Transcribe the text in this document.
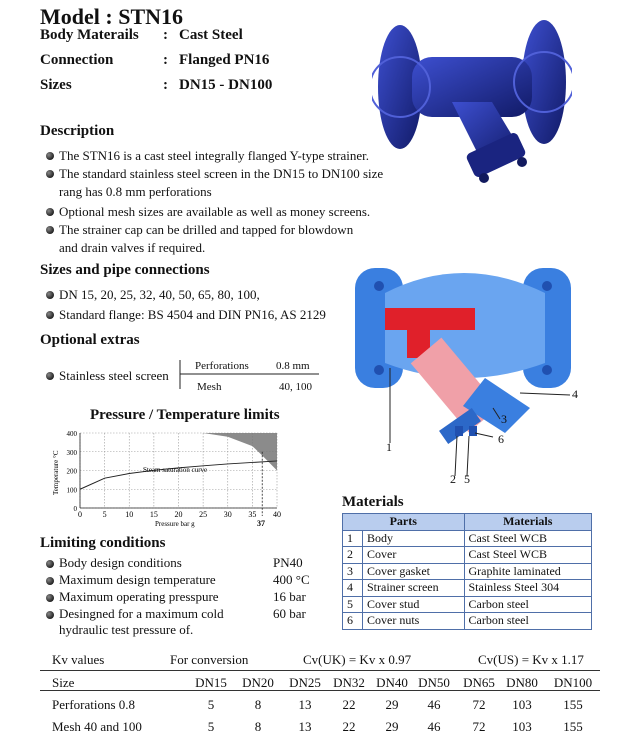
Model : STN16
Body Materails : Cast Steel
Connection	: Flanged PN16
Sizes	: DN15 - DN100
Description
The STN16 is a cast steel integrally flanged Y-type strainer.
The standard stainless steel screen in the DN15 to DN100 size
rang has 0.8 mm perforations
Optional mesh sizes are available as well as money screens.
The strainer cap can be drilled and tapped for blowdown
and drain valves if required.
Sizes and pipe connections
DN 15, 20, 25, 32, 40, 50, 65, 80, 100,
Standard flange: BS 4504 and DIN PN16, AS 2129
Optional extras
Stainless steel screen
Perforations 0.8 mm
Mesh	40, 100
1
2
3
4
5
6
Pressure / Temperature limits
0	5 10 15 20 25 30 35 40
0
100
200
300
400
Temperature °C
Pressure bar g
Steam saturation curve
37
Materials
Parts		Materials
1	Body	Cast Steel WCB
2	Cover	Cast Steel WCB
3	Cover gasket	Graphite laminated
4	Strainer screen	Stainless Steel 304
5	Cover stud	Carbon steel
6	Cover nuts	Carbon steel
Limiting conditions
Body design conditions	PN40
Maximum design temperature	400 °C
Maximum operating presspure	16 bar
Desingned for a maximum cold	60 bar
hydraulic test pressure of.
Kv values	For conversion	Cv(UK) = Kv x 0.97	Cv(US) = Kv x 1.17
Size	DN15 DN20 DN25 DN32 DN40 DN50 DN65 DN80 DN100
Perforations 0.8	5	8	13 22 29 46 72 103 155
Mesh 40 and 100	5	8	13 22 29 46 72 103 155
